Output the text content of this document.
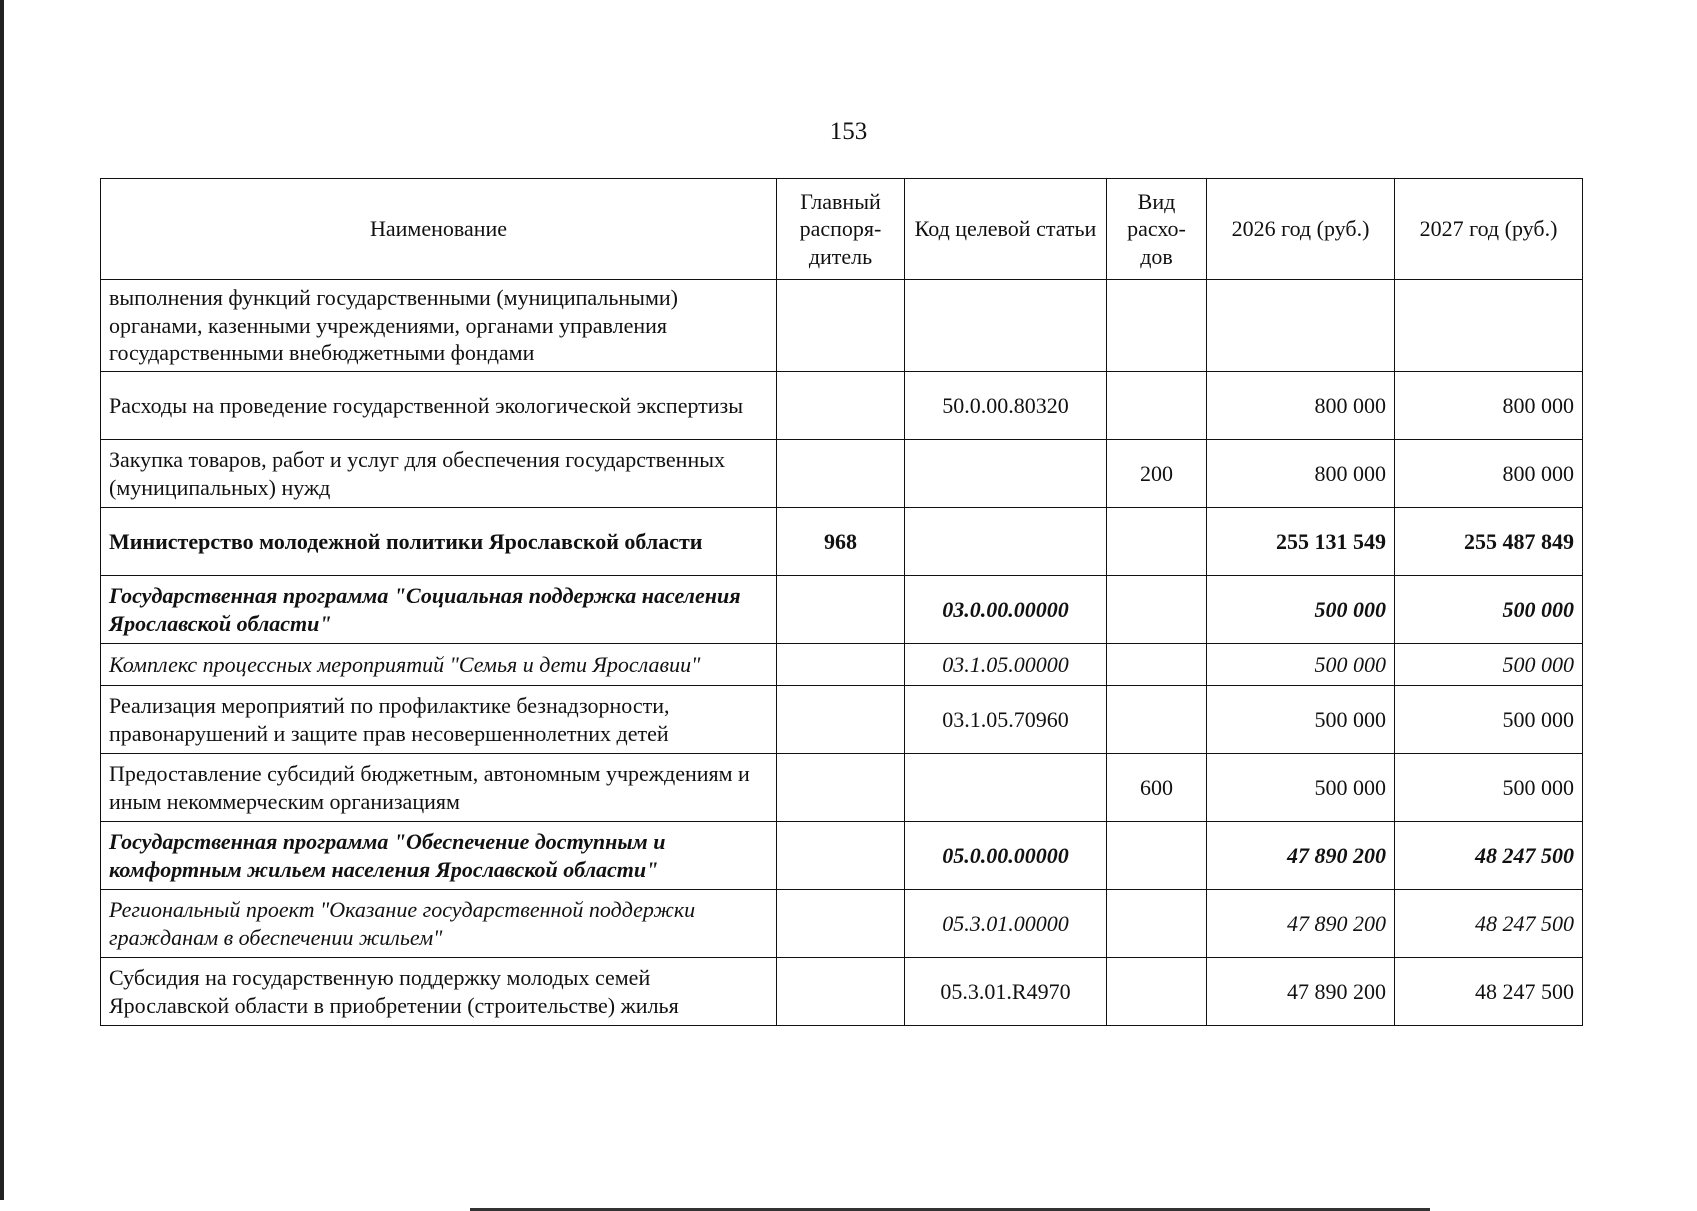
153
Наименование	Главный распоря-дитель	Код целевой статьи	Вид расхо-дов	2026 год (руб.)	2027 год (руб.)
выполнения функций государственными (муниципальными) органами, казенными учреждениями, органами управления государственными внебюджетными фондами					
Расходы на проведение государственной экологической экспертизы		50.0.00.80320		800 000	800 000
Закупка товаров, работ и услуг для обеспечения государственных (муниципальных) нужд			200	800 000	800 000
Министерство молодежной политики Ярославской области	968			255 131 549	255 487 849
Государственная программа "Социальная поддержка населения Ярославской области"		03.0.00.00000		500 000	500 000
Комплекс процессных мероприятий "Семья и дети Ярославии"		03.1.05.00000		500 000	500 000
Реализация мероприятий по профилактике безнадзорности, правонарушений и защите прав несовершеннолетних детей		03.1.05.70960		500 000	500 000
Предоставление субсидий бюджетным, автономным учреждениям и иным некоммерческим организациям			600	500 000	500 000
Государственная программа "Обеспечение доступным и комфортным жильем населения Ярославской области"		05.0.00.00000		47 890 200	48 247 500
Региональный проект "Оказание государственной поддержки гражданам в обеспечении жильем"		05.3.01.00000		47 890 200	48 247 500
Субсидия на государственную поддержку молодых семей Ярославской области в приобретении (строительстве) жилья		05.3.01.R4970		47 890 200	48 247 500
